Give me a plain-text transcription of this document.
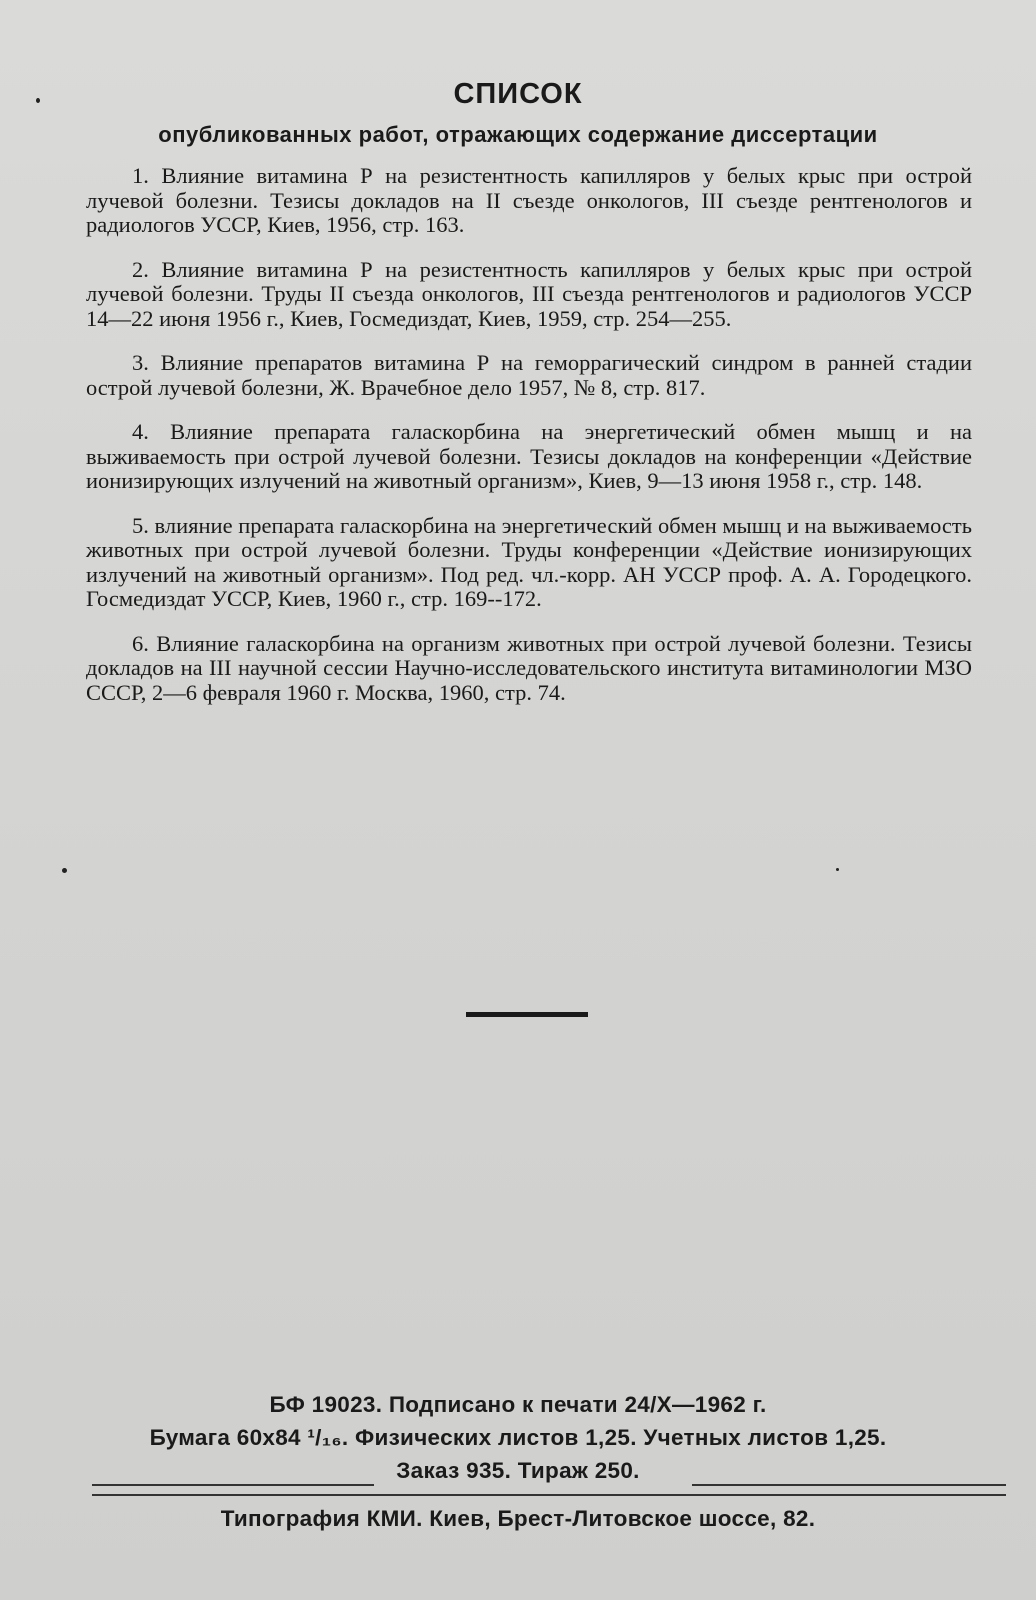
СПИСОК
опубликованных работ, отражающих содержание диссертации

1. Влияние витамина Р на резистентность капилляров у белых крыс при острой лучевой болезни. Тезисы докладов на II съезде онкологов, III съезде рентгенологов и радиологов УССР, Киев, 1956, стр. 163.

2. Влияние витамина Р на резистентность капилляров у белых крыс при острой лучевой болезни. Труды II съезда онкологов, III съезда рентгенологов и радиологов УССР 14—22 июня 1956 г., Киев, Госмедиздат, Киев, 1959, стр. 254—255.

3. Влияние препаратов витамина Р на геморрагический синдром в ранней стадии острой лучевой болезни, Ж. Врачебное дело 1957, № 8, стр. 817.

4. Влияние препарата галаскорбина на энергетический обмен мышц и на выживаемость при острой лучевой болезни. Тезисы докладов на конференции «Действие ионизирующих излучений на животный организм», Киев, 9—13 июня 1958 г., стр. 148.

5. влияние препарата галаскорбина на энергетический обмен мышц и на выживаемость животных при острой лучевой болезни. Труды конференции «Действие ионизирующих излучений на животный организм». Под ред. чл.-корр. АН УССР проф. А. А. Городецкого. Госмедиздат УССР, Киев, 1960 г., стр. 169--172.

6. Влияние галаскорбина на организм животных при острой лучевой болезни. Тезисы докладов на III научной сессии Научно-исследовательского института витаминологии МЗО СССР, 2—6 февраля 1960 г. Москва, 1960, стр. 74.

БФ 19023. Подписано к печати 24/Х—1962 г.
Бумага 60х84 ¹/₁₆. Физических листов 1,25. Учетных листов 1,25.
Заказ 935. Тираж 250.
Типография КМИ. Киев, Брест-Литовское шоссе, 82.
